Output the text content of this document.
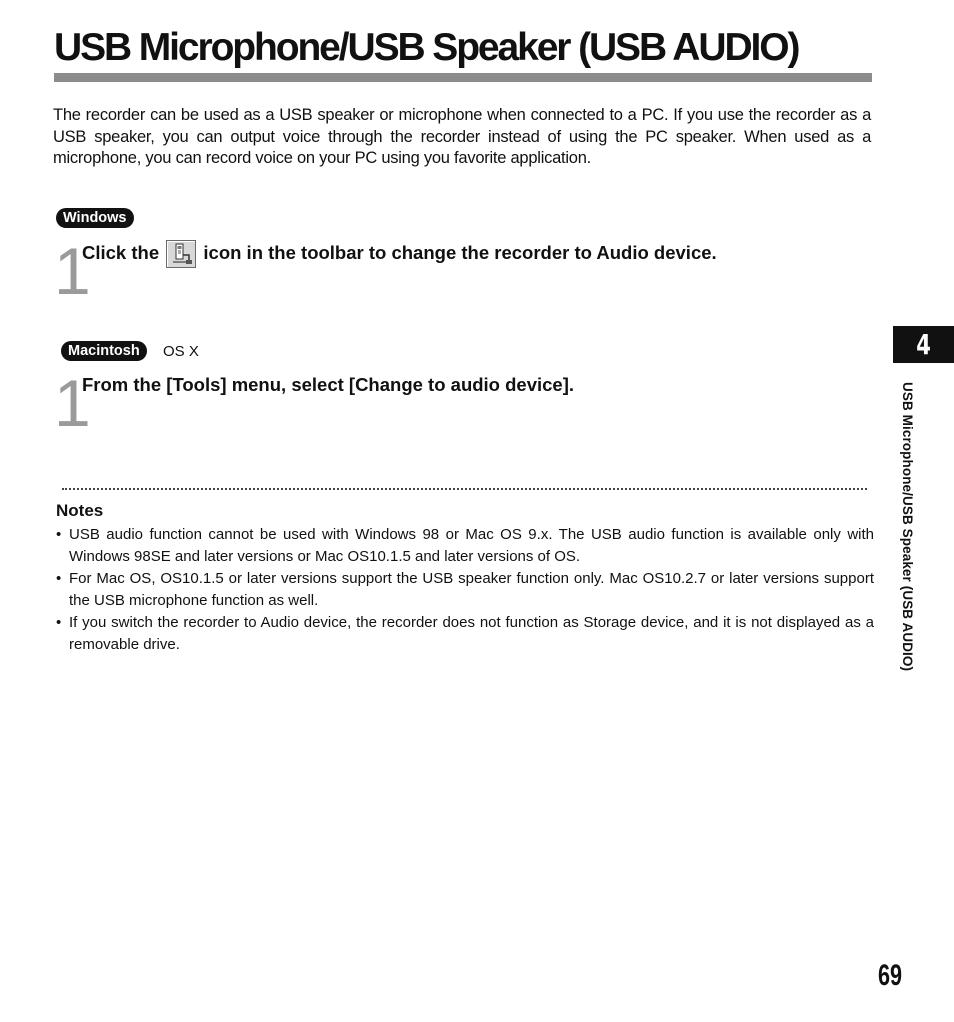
USB Microphone/USB Speaker (USB AUDIO)
The recorder can be used as a USB speaker or microphone when connected to a PC. If you use the recorder as a USB speaker, you can output voice through the recorder instead of using the PC speaker. When used as a microphone, you can record voice on your PC using you favorite application.
Windows
1
Click the icon in the toolbar to change the recorder to Audio device.
Macintosh	OS X
1
From the [Tools] menu, select [Change to audio device].
Notes
• USB audio function cannot be used with Windows 98 or Mac OS 9.x. The USB audio function is available only with Windows 98SE and later versions or Mac OS10.1.5 and later versions of OS.
• For Mac OS, OS10.1.5 or later versions support the USB speaker function only. Mac OS10.2.7 or later versions support the USB microphone function as well.
• If you switch the recorder to Audio device, the recorder does not function as Storage device, and it is not displayed as a removable drive.
4
USB Microphone/USB Speaker (USB AUDIO)
69
